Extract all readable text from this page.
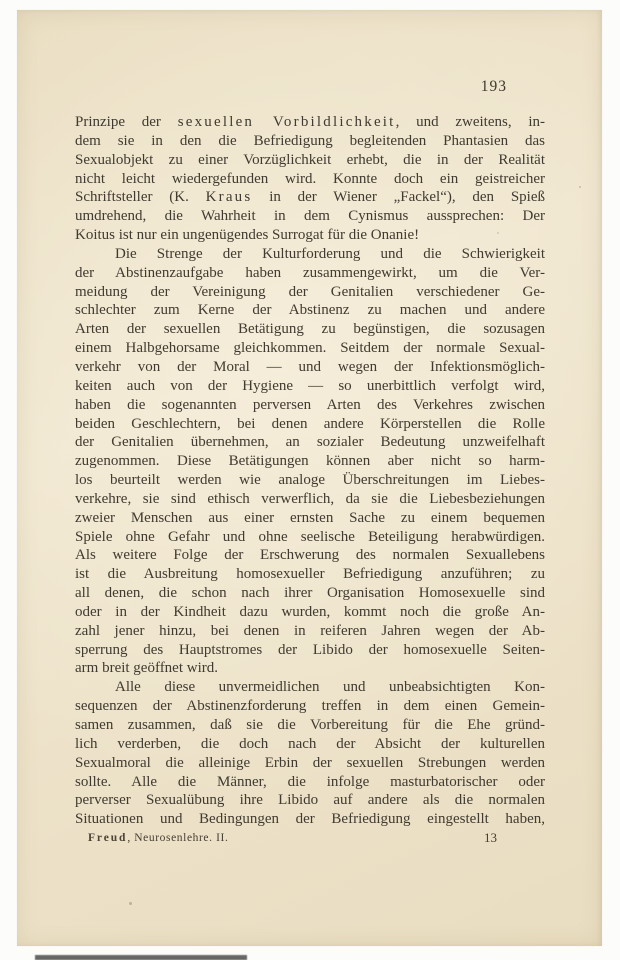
193
Prinzipe der sexuellen Vorbildlichkeit, und zweitens, in-
dem sie in den die Befriedigung begleitenden Phantasien das
Sexualobjekt zu einer Vorzüglichkeit erhebt, die in der Realität
nicht leicht wiedergefunden wird. Konnte doch ein geistreicher
Schriftsteller (K. Kraus in der Wiener „Fackel“), den Spieß
umdrehend, die Wahrheit in dem Cynismus aussprechen: Der
Koitus ist nur ein ungenügendes Surrogat für die Onanie!
Die Strenge der Kulturforderung und die Schwierigkeit
der Abstinenzaufgabe haben zusammengewirkt, um die Ver-
meidung der Vereinigung der Genitalien verschiedener Ge-
schlechter zum Kerne der Abstinenz zu machen und andere
Arten der sexuellen Betätigung zu begünstigen, die sozusagen
einem Halbgehorsame gleichkommen. Seitdem der normale Sexual-
verkehr von der Moral — und wegen der Infektionsmöglich-
keiten auch von der Hygiene — so unerbittlich verfolgt wird,
haben die sogenannten perversen Arten des Verkehres zwischen
beiden Geschlechtern, bei denen andere Körperstellen die Rolle
der Genitalien übernehmen, an sozialer Bedeutung unzweifelhaft
zugenommen. Diese Betätigungen können aber nicht so harm-
los beurteilt werden wie analoge Überschreitungen im Liebes-
verkehre, sie sind ethisch verwerflich, da sie die Liebesbeziehungen
zweier Menschen aus einer ernsten Sache zu einem bequemen
Spiele ohne Gefahr und ohne seelische Beteiligung herabwürdigen.
Als weitere Folge der Erschwerung des normalen Sexuallebens
ist die Ausbreitung homosexueller Befriedigung anzuführen; zu
all denen, die schon nach ihrer Organisation Homosexuelle sind
oder in der Kindheit dazu wurden, kommt noch die große An-
zahl jener hinzu, bei denen in reiferen Jahren wegen der Ab-
sperrung des Hauptstromes der Libido der homosexuelle Seiten-
arm breit geöffnet wird.
Alle diese unvermeidlichen und unbeabsichtigten Kon-
sequenzen der Abstinenzforderung treffen in dem einen Gemein-
samen zusammen, daß sie die Vorbereitung für die Ehe gründ-
lich verderben, die doch nach der Absicht der kulturellen
Sexualmoral die alleinige Erbin der sexuellen Strebungen werden
sollte. Alle die Männer, die infolge masturbatorischer oder
perverser Sexualübung ihre Libido auf andere als die normalen
Situationen und Bedingungen der Befriedigung eingestellt haben,
Freud, Neurosenlehre. II.	13
